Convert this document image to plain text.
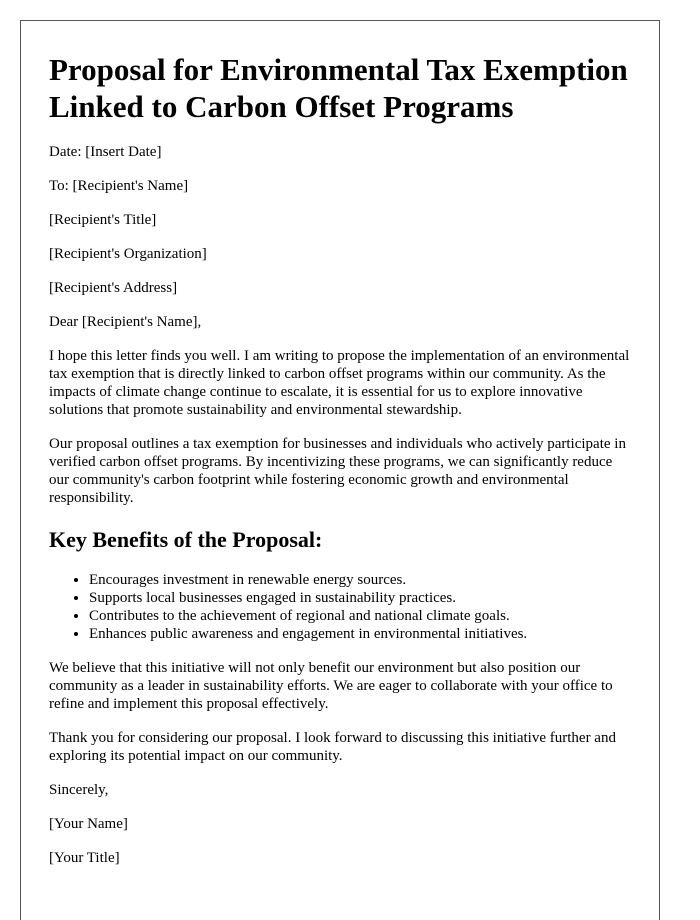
Proposal for Environmental Tax Exemption Linked to Carbon Offset Programs

Date: [Insert Date]

To: [Recipient's Name]

[Recipient's Title]

[Recipient's Organization]

[Recipient's Address]

Dear [Recipient's Name],

I hope this letter finds you well. I am writing to propose the implementation of an environmental tax exemption that is directly linked to carbon offset programs within our community. As the impacts of climate change continue to escalate, it is essential for us to explore innovative solutions that promote sustainability and environmental stewardship.

Our proposal outlines a tax exemption for businesses and individuals who actively participate in verified carbon offset programs. By incentivizing these programs, we can significantly reduce our community's carbon footprint while fostering economic growth and environmental responsibility.

Key Benefits of the Proposal:
• Encourages investment in renewable energy sources.
• Supports local businesses engaged in sustainability practices.
• Contributes to the achievement of regional and national climate goals.
• Enhances public awareness and engagement in environmental initiatives.

We believe that this initiative will not only benefit our environment but also position our community as a leader in sustainability efforts. We are eager to collaborate with your office to refine and implement this proposal effectively.

Thank you for considering our proposal. I look forward to discussing this initiative further and exploring its potential impact on our community.

Sincerely,

[Your Name]

[Your Title]
